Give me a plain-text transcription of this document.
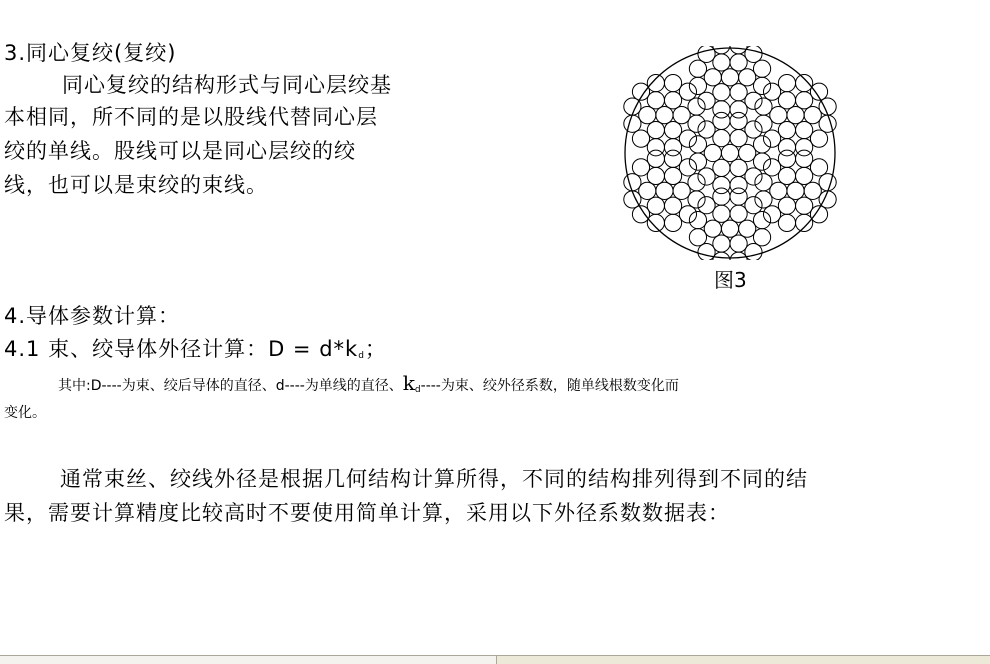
3.同心复绞(复绞)
同心复绞的结构形式与同心层绞基
本相同，所不同的是以股线代替同心层
绞的单线。股线可以是同心层绞的绞
线，也可以是束绞的束线。
图3
4.导体参数计算：
4.1 束、绞导体外径计算：$D = d*k_d$；
其中:D----为束、绞后导体的直径、d----为单线的直径、$k_d----$为束、绞外径系数，随单线根数变化而
变化。
通常束丝、绞线外径是根据几何结构计算所得，不同的结构排列得到不同的结
果，需要计算精度比较高时不要使用简单计算，采用以下外径系数数据表：
